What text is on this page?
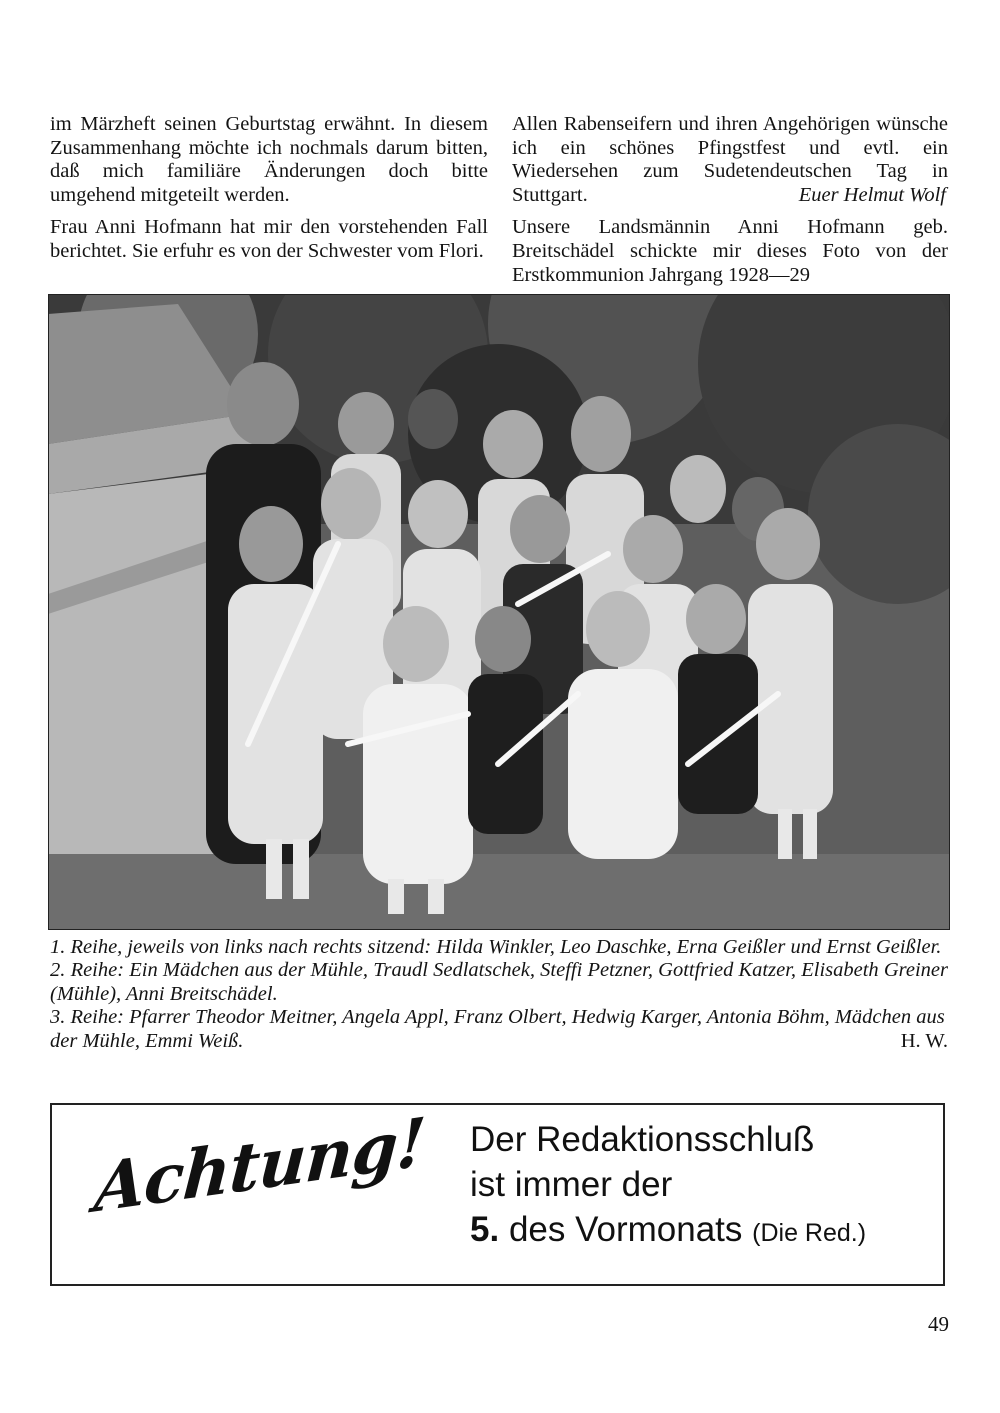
im Märzheft seinen Geburtstag erwähnt. In diesem Zusammenhang möchte ich nochmals darum bitten, daß mich familiäre Änderungen doch bitte umgehend mitgeteilt werden.

Frau Anni Hofmann hat mir den vorstehenden Fall berichtet. Sie erfuhr es von der Schwester vom Flori.

Allen Rabenseifern und ihren Angehörigen wünsche ich ein schönes Pfingstfest und evtl. ein Wiedersehen zum Sudetendeutschen Tag in Stuttgart.	Euer Helmut Wolf

Unsere Landsmännin Anni Hofmann geb. Breitschädel schickte mir dieses Foto von der Erstkommunion Jahrgang 1928—29

1. Reihe, jeweils von links nach rechts sitzend: Hilda Winkler, Leo Daschke, Erna Geißler und Ernst Geißler.

2. Reihe: Ein Mädchen aus der Mühle, Traudl Sedlatschek, Steffi Petzner, Gottfried Katzer, Elisabeth Greiner (Mühle), Anni Breitschädel.

3. Reihe: Pfarrer Theodor Meitner, Angela Appl, Franz Olbert, Hedwig Karger, Antonia Böhm, Mädchen aus der Mühle, Emmi Weiß.	H. W.

Achtung! Der Redaktionsschluß
ist immer der
5. des Vormonats (Die Red.)
49
